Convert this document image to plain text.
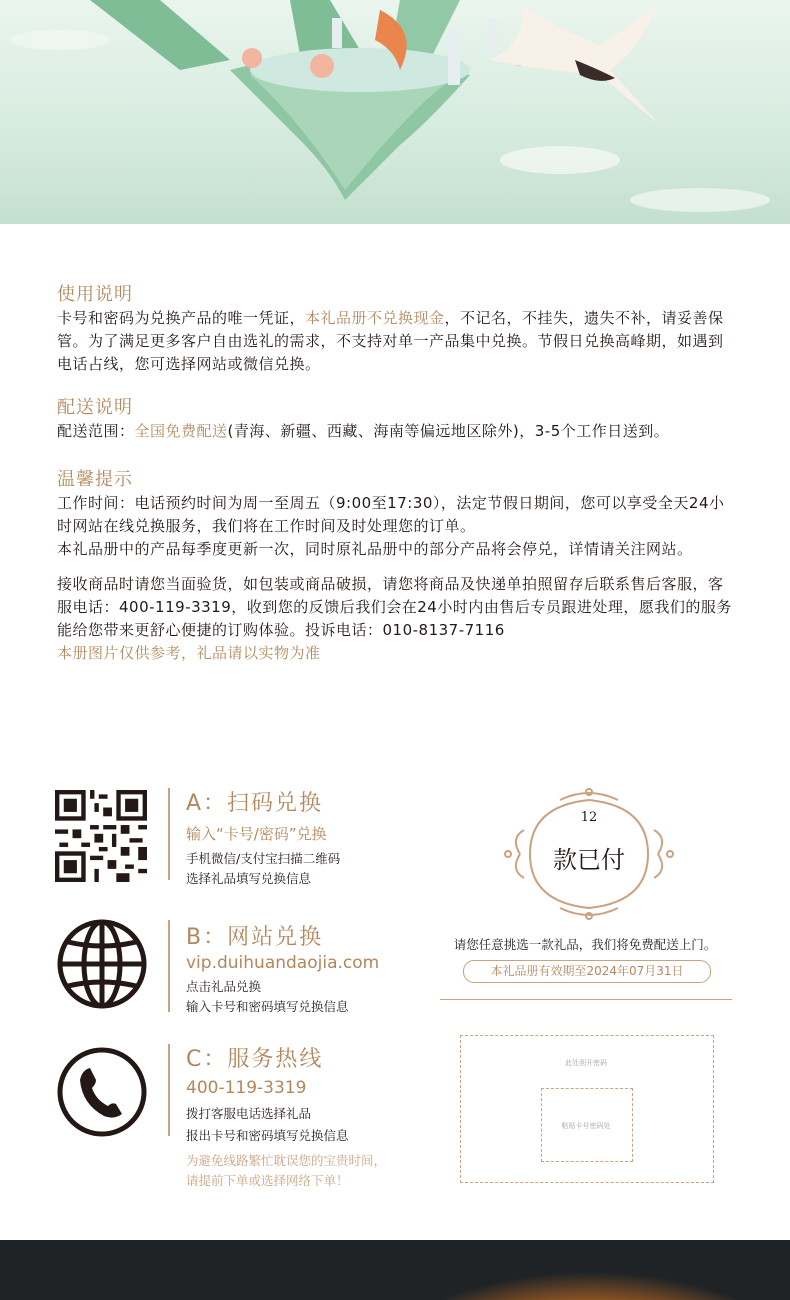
使用说明

卡号和密码为兑换产品的唯一凭证，本礼品册不兑换现金，不记名，不挂失，遗失不补，请妥善保管。为了满足更多客户自由选礼的需求，不支持对单一产品集中兑换。节假日兑换高峰期，如遇到电话占线，您可选择网站或微信兑换。

配送说明

配送范围：全国免费配送(青海、新疆、西藏、海南等偏远地区除外)，3-5个工作日送到。

温馨提示

工作时间：电话预约时间为周一至周五（9:00至17:30），法定节假日期间，您可以享受全天24小时网站在线兑换服务，我们将在工作时间及时处理您的订单。

本礼品册中的产品每季度更新一次，同时原礼品册中的部分产品将会停兑，详情请关注网站。

接收商品时请您当面验货，如包装或商品破损，请您将商品及快递单拍照留存后联系售后客服，客服电话：400-119-3319，收到您的反馈后我们会在24小时内由售后专员跟进处理，愿我们的服务能给您带来更舒心便捷的订购体验。投诉电话：010-8137-7116

本册图片仅供参考，礼品请以实物为准
A：扫码兑换
输入“卡号/密码”兑换
手机微信/支付宝扫描二维码
选择礼品填写兑换信息
B：网站兑换
vip.duihuandaojia.com
点击礼品兑换
输入卡号和密码填写兑换信息
C：服务热线
400-119-3319
拨打客服电话选择礼品
报出卡号和密码填写兑换信息
为避免线路繁忙耽误您的宝贵时间，
请提前下单或选择网络下单！
12
款已付
请您任意挑选一款礼品，我们将免费配送上门。
本礼品册有效期至2024年07月31日
此处刮开密码
粘贴卡号密码处
